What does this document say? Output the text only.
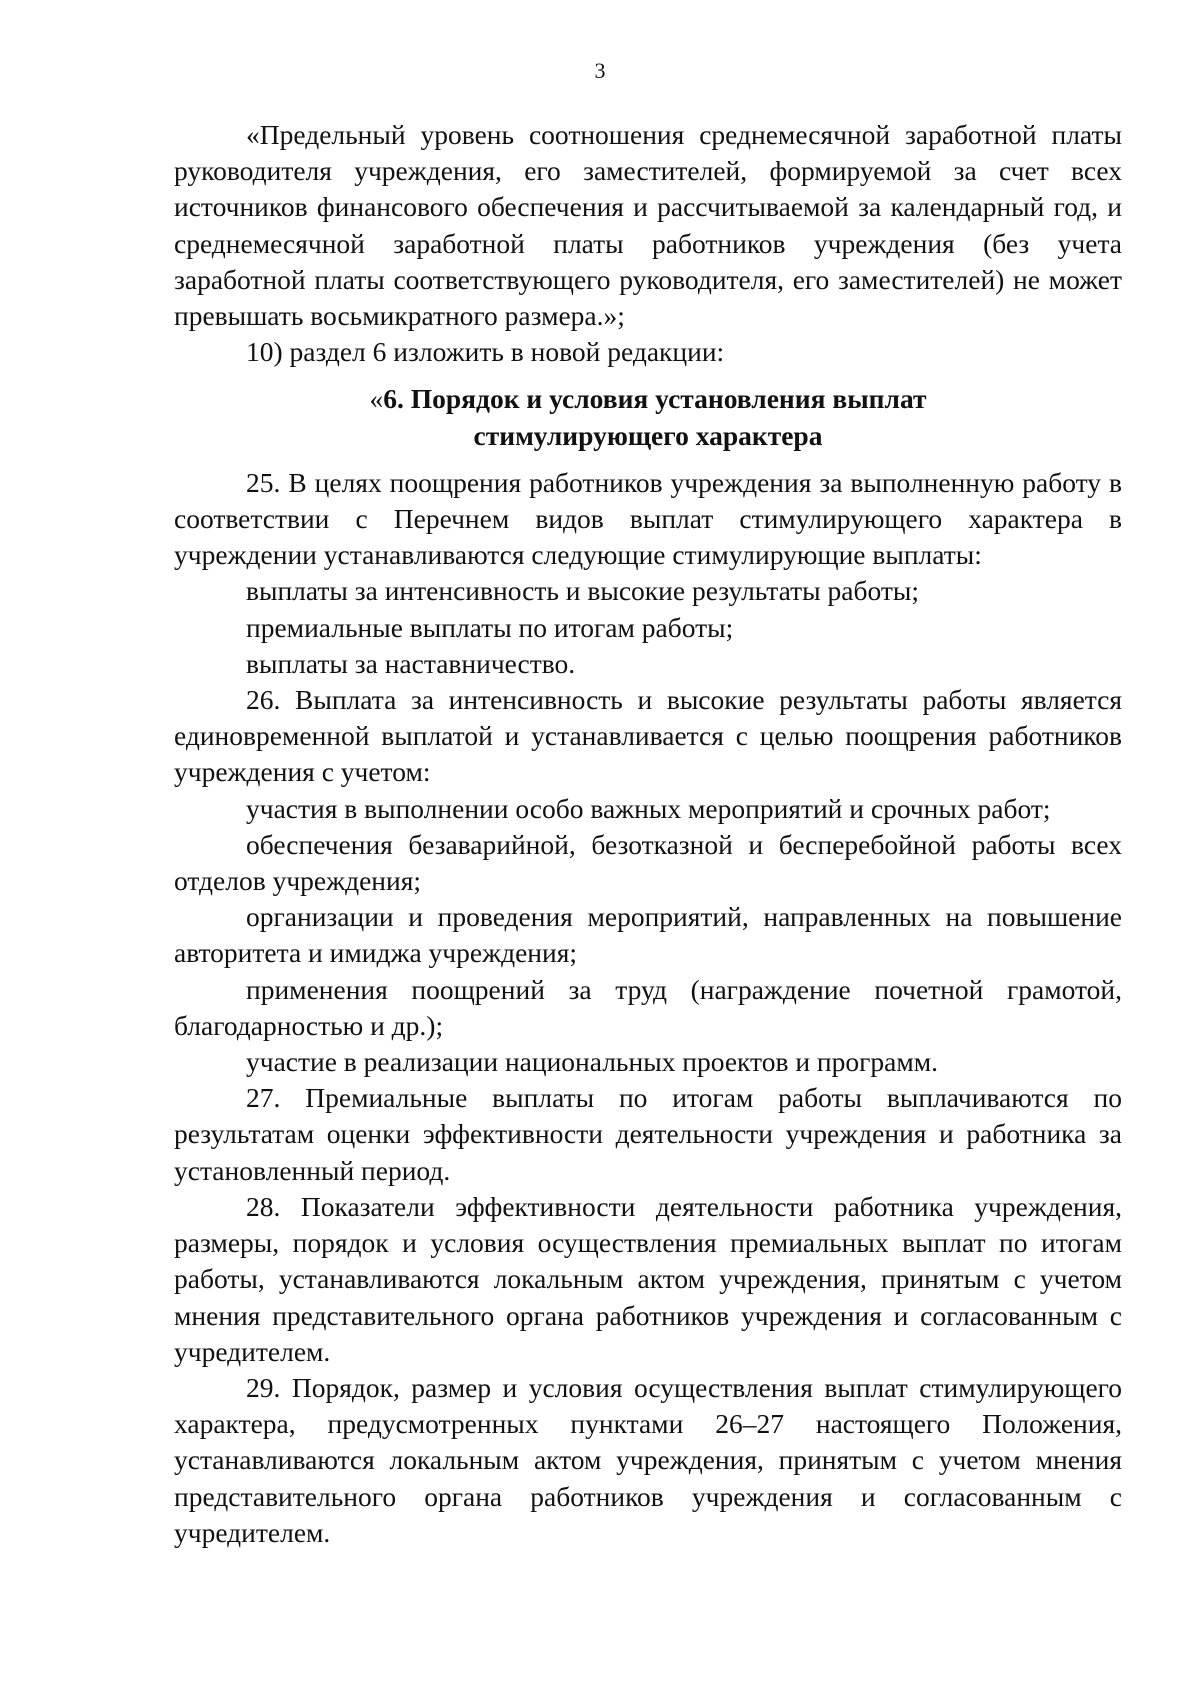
3

«Предельный уровень соотношения среднемесячной заработной платы руководителя учреждения, его заместителей, формируемой за счет всех источников финансового обеспечения и рассчитываемой за календарный год, и среднемесячной заработной платы работников учреждения (без учета заработной платы соответствующего руководителя, его заместителей) не может превышать восьмикратного размера.»;

10) раздел 6 изложить в новой редакции:

«6. Порядок и условия установления выплат

стимулирующего характера

25. В целях поощрения работников учреждения за выполненную работу в соответствии с Перечнем видов выплат стимулирующего характера в учреждении устанавливаются следующие стимулирующие выплаты:

выплаты за интенсивность и высокие результаты работы;

премиальные выплаты по итогам работы;

выплаты за наставничество.

26. Выплата за интенсивность и высокие результаты работы является единовременной выплатой и устанавливается с целью поощрения работников учреждения с учетом:

участия в выполнении особо важных мероприятий и срочных работ;

обеспечения безаварийной, безотказной и бесперебойной работы всех отделов учреждения;

организации и проведения мероприятий, направленных на повышение авторитета и имиджа учреждения;

применения поощрений за труд (награждение почетной грамотой, благодарностью и др.);

участие в реализации национальных проектов и программ.

27. Премиальные выплаты по итогам работы выплачиваются по результатам оценки эффективности деятельности учреждения и работника за установленный период.

28. Показатели эффективности деятельности работника учреждения, размеры, порядок и условия осуществления премиальных выплат по итогам работы, устанавливаются локальным актом учреждения, принятым с учетом мнения представительного органа работников учреждения и согласованным с учредителем.

29. Порядок, размер и условия осуществления выплат стимулирующего характера, предусмотренных пунктами 26–27 настоящего Положения, устанавливаются локальным актом учреждения, принятым с учетом мнения представительного органа работников учреждения и согласованным с учредителем.
